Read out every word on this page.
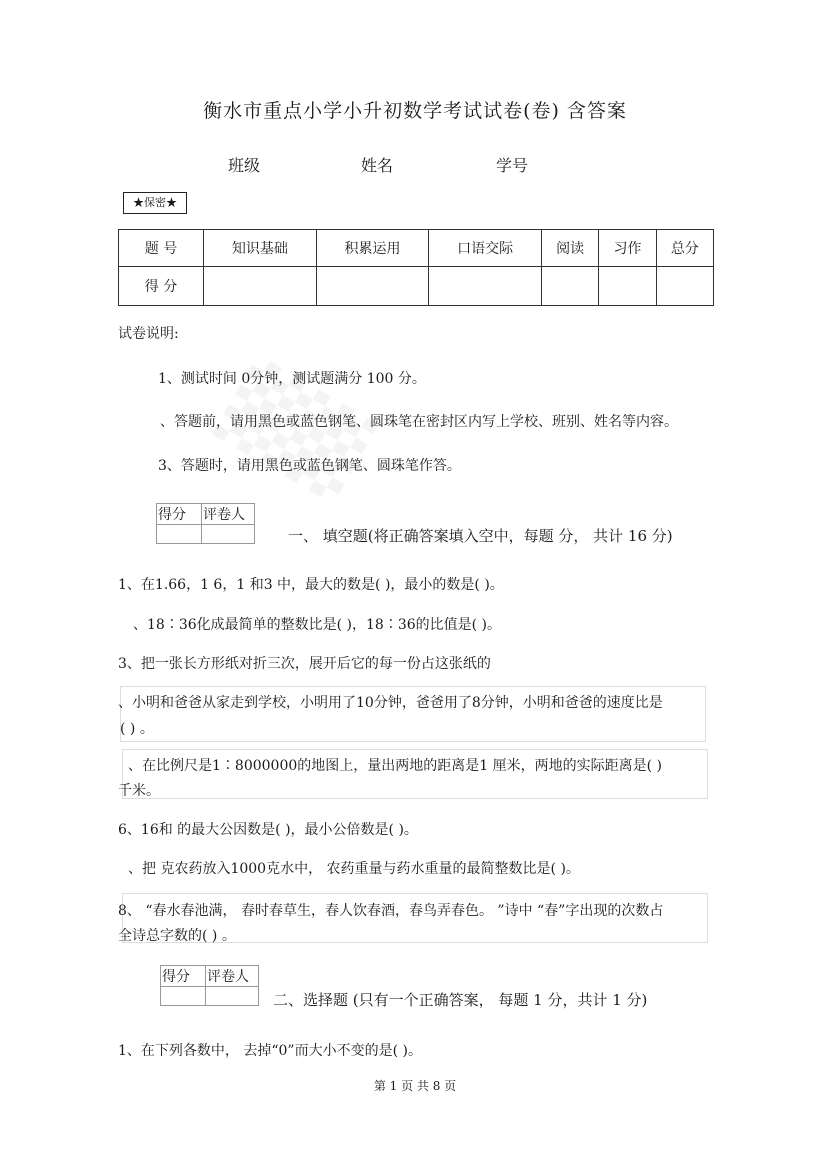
衡水市重点小学小升初数学考试试卷(卷) 含答案
班级	姓名	学号
★保密★
题 号	知识基础	积累运用	口语交际	阅读	习作	总分
得 分						
试卷说明:
1、测试时间 0分钟，测试题满分 100 分。
、答题前，请用黑色或蓝色钢笔、圆珠笔在密封区内写上学校、班别、姓名等内容。
3、答题时，请用黑色或蓝色钢笔、圆珠笔作答。
得分	评卷人

一、 填空题(将正确答案填入空中，每题 分， 共计 16 分)
1、在1.66，1 6，1 和3 中，最大的数是( )，最小的数是( )。
、18∶36化成最简单的整数比是( )，18∶36的比值是( )。
3、把一张长方形纸对折三次，展开后它的每一份占这张纸的
、小明和爸爸从家走到学校，小明用了10分钟，爸爸用了8分钟，小明和爸爸的速度比是
( ) 。
、在比例尺是1∶8000000的地图上，量出两地的距离是1 厘米，两地的实际距离是( )
千米。
6、16和 的最大公因数是( )，最小公倍数是( )。
、把 克农药放入1000克水中， 农药重量与药水重量的最简整数比是( )。
8、 “春水春池满， 春时春草生，春人饮春酒，春鸟弄春色。 ”诗中 “春”字出现的次数占
全诗总字数的( ) 。
得分	评卷人

二、选择题 (只有一个正确答案， 每题 1 分，共计 1 分)
1、在下列各数中， 去掉“0”而大小不变的是( )。
第 1 页 共 8 页
